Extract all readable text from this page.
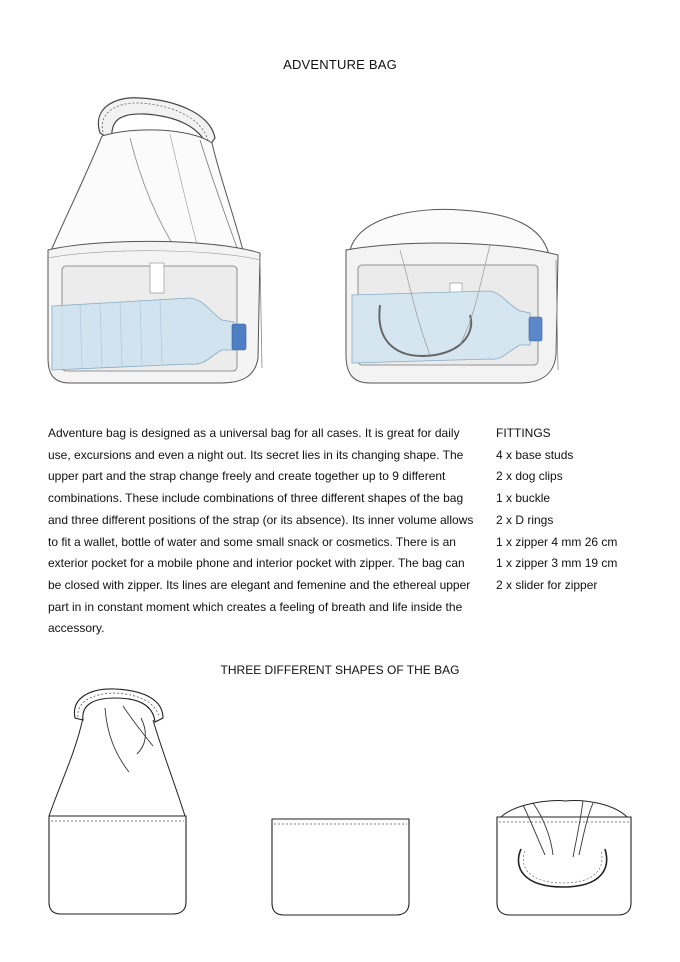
ADVENTURE BAG

Adventure bag is designed as a universal bag for all cases. It is great for daily use, excursions and even a night out. Its secret lies in its changing shape. The upper part and the strap change freely and create together up to 9 different combinations. These include combinations of three different shapes of the bag and three different positions of the strap (or its absence). Its inner volume allows to fit a wallet, bottle of water and some small snack or cosmetics. There is an exterior pocket for a mobile phone and interior pocket with zipper. The bag can be closed with zipper. Its lines are elegant and femenine and the ethereal upper part in in constant moment which creates a feeling of breath and life inside the accessory.

FITTINGS
4 x base studs
2 x dog clips
1 x buckle
2 x D rings
1 x zipper 4 mm 26 cm
1 x zipper 3 mm 19 cm
2 x slider for zipper
THREE DIFFERENT SHAPES OF THE BAG
